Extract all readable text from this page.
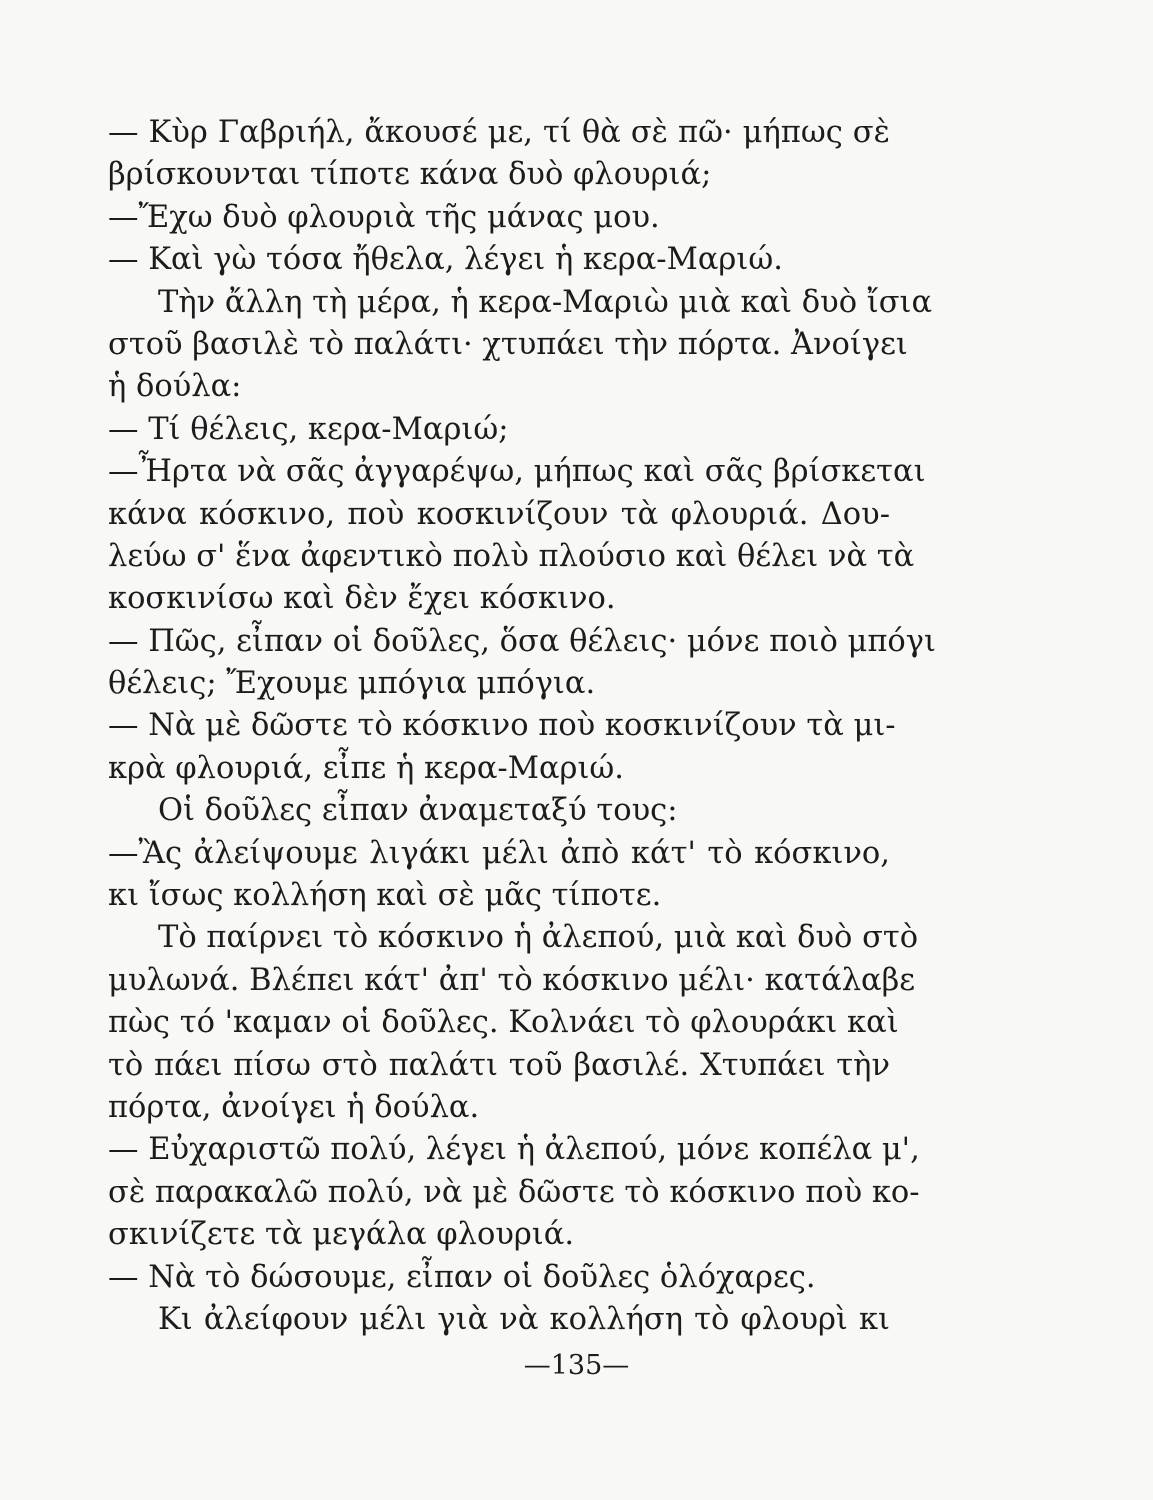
— Κὺρ Γαβριήλ, ἄκουσέ με, τί θὰ σὲ πῶ· μήπως σὲ
βρίσκουνται τίποτε κάνα δυὸ φλουριά;
—Ἔχω δυὸ φλουριὰ τῆς μάνας μου.
— Καὶ γὼ τόσα ἤθελα, λέγει ἡ κερα-Μαριώ.
Τὴν ἄλλη τὴ μέρα, ἡ κερα-Μαριὼ μιὰ καὶ δυὸ ἴσια
στοῦ βασιλὲ τὸ παλάτι· χτυπάει τὴν πόρτα. Ἀνοίγει
ἡ δούλα:
— Τί θέλεις, κερα-Μαριώ;
—Ἦρτα νὰ σᾶς ἀγγαρέψω, μήπως καὶ σᾶς βρίσκεται
κάνα κόσκινο, ποὺ κοσκινίζουν τὰ φλουριά. Δου-
λεύω σ' ἕνα ἀφεντικὸ πολὺ πλούσιο καὶ θέλει νὰ τὰ
κοσκινίσω καὶ δὲν ἔχει κόσκινο.
— Πῶς, εἶπαν οἱ δοῦλες, ὅσα θέλεις· μόνε ποιὸ μπόγι
θέλεις; Ἔχουμε μπόγια μπόγια.
— Νὰ μὲ δῶστε τὸ κόσκινο ποὺ κοσκινίζουν τὰ μι-
κρὰ φλουριά, εἶπε ἡ κερα-Μαριώ.
Οἱ δοῦλες εἶπαν ἀναμεταξύ τους:
—Ἂς ἀλείψουμε λιγάκι μέλι ἀπὸ κάτ' τὸ κόσκινο,
κι ἴσως κολλήση καὶ σὲ μᾶς τίποτε.
Τὸ παίρνει τὸ κόσκινο ἡ ἀλεπού, μιὰ καὶ δυὸ στὸ
μυλωνά. Βλέπει κάτ' ἀπ' τὸ κόσκινο μέλι· κατάλαβε
πὼς τό 'καμαν οἱ δοῦλες. Κολνάει τὸ φλουράκι καὶ
τὸ πάει πίσω στὸ παλάτι τοῦ βασιλέ. Χτυπάει τὴν
πόρτα, ἀνοίγει ἡ δούλα.
— Εὐχαριστῶ πολύ, λέγει ἡ ἀλεπού, μόνε κοπέλα μ',
σὲ παρακαλῶ πολύ, νὰ μὲ δῶστε τὸ κόσκινο ποὺ κο-
σκινίζετε τὰ μεγάλα φλουριά.
— Νὰ τὸ δώσουμε, εἶπαν οἱ δοῦλες ὁλόχαρες.
Κι ἀλείφουν μέλι γιὰ νὰ κολλήση τὸ φλουρὶ κι
—135—
